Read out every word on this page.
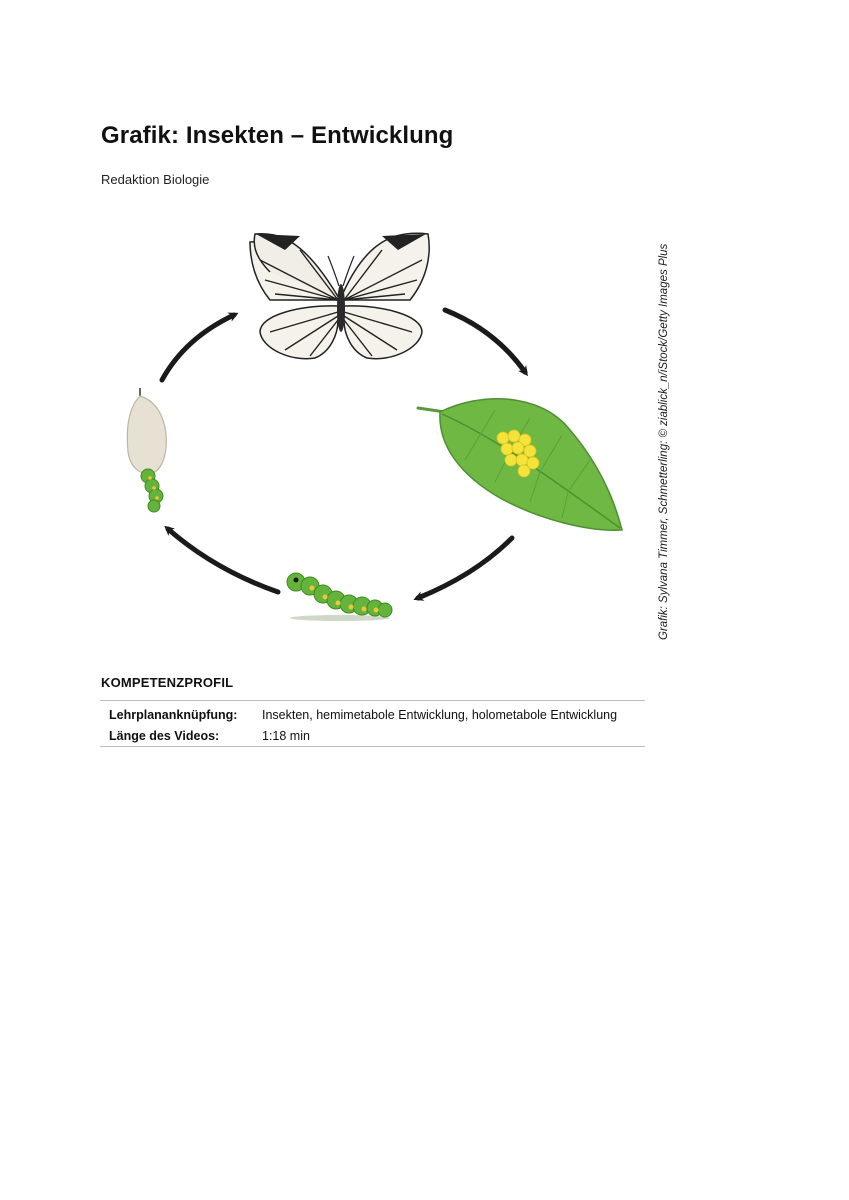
Grafik: Insekten – Entwicklung
Redaktion Biologie
Grafik: Sylvana Timmer, Schmetterling: © ziablick_n/iStock/Getty Images Plus
KOMPETENZPROFIL
Lehrplananknüpfung:	Insekten, hemimetabole Entwicklung, holometabole Entwicklung
Länge des Videos:	1:18 min
